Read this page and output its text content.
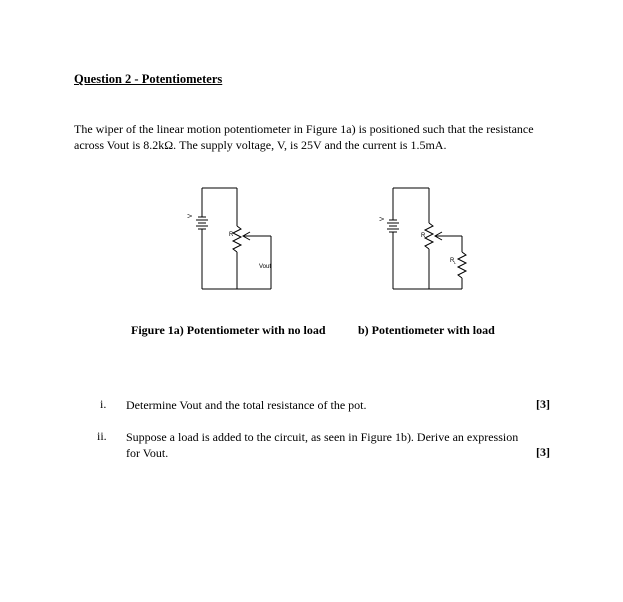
Question 2 - Potentiometers
The wiper of the linear motion potentiometer in Figure 1a) is positioned such that the resistance
across Vout is 8.2kΩ. The supply voltage, V, is 25V and the current is 1.5mA.
V
R
Vout
V
R
R L
Figure 1a) Potentiometer with no load	b) Potentiometer with load
i. Determine Vout and the total resistance of the pot.	[3]
ii. Suppose a load is added to the circuit, as seen in Figure 1b). Derive an expression
for Vout.	[3]
